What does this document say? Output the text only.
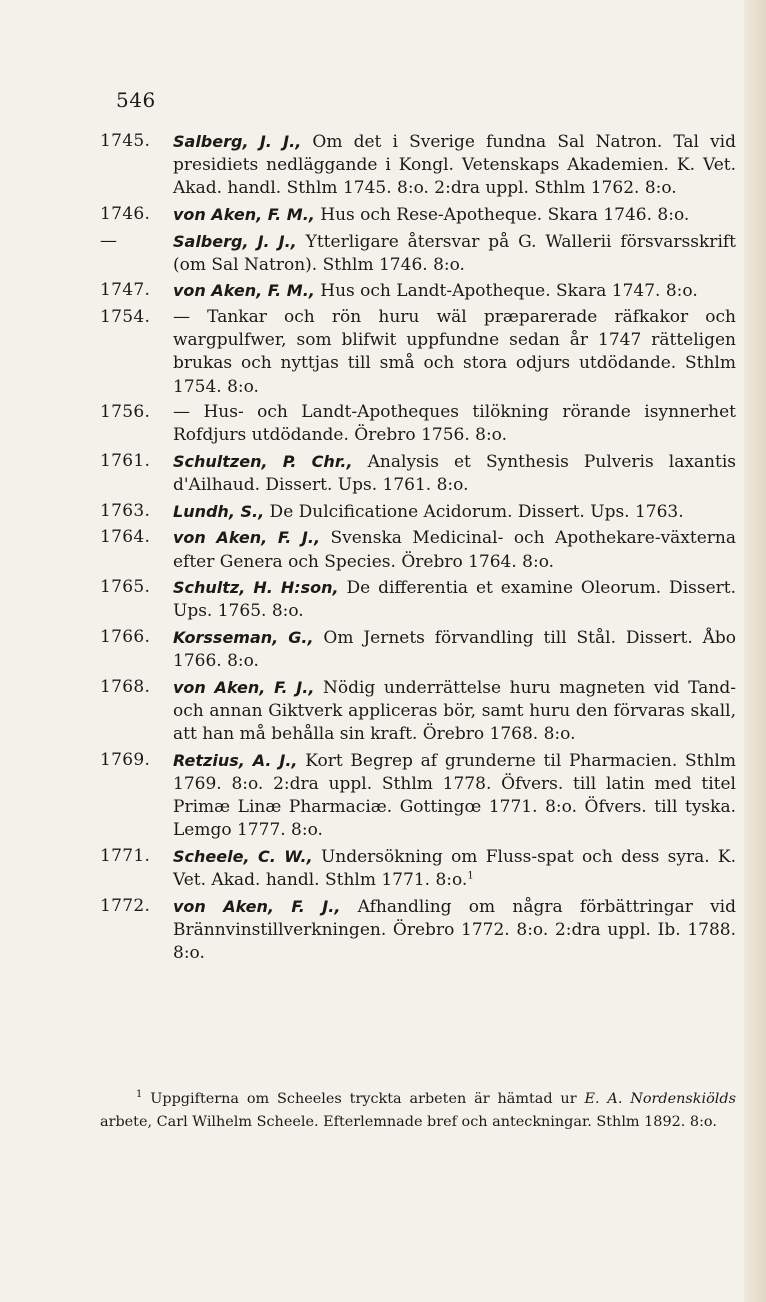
546
1745.	Salberg, J. J., Om det i Sverige fundna Sal Natron. Tal vid presidiets nedläggande i Kongl. Vetenskaps Akademien. K. Vet. Akad. handl. Sthlm 1745. 8:o. 2:dra uppl. Sthlm 1762. 8:o.
1746.	von Aken, F. M., Hus och Rese-Apotheque. Skara 1746. 8:o.
—	Salberg, J. J., Ytterligare återsvar på G. Wallerii försvarsskrift (om Sal Natron). Sthlm 1746. 8:o.
1747.	von Aken, F. M., Hus och Landt-Apotheque. Skara 1747. 8:o.
1754.	— Tankar och rön huru wäl præparerade räfkakor och wargpulfwer, som blifwit uppfundne sedan år 1747 rätteligen brukas och nyttjas till små och stora odjurs utdödande. Sthlm 1754. 8:o.
1756.	— Hus- och Landt-Apotheques tilökning rörande isynnerhet Rofdjurs utdödande. Örebro 1756. 8:o.
1761.	Schultzen, P. Chr., Analysis et Synthesis Pulveris laxantis d'Ailhaud. Dissert. Ups. 1761. 8:o.
1763.	Lundh, S., De Dulcificatione Acidorum. Dissert. Ups. 1763.
1764.	von Aken, F. J., Svenska Medicinal- och Apothekare-växterna efter Genera och Species. Örebro 1764. 8:o.
1765.	Schultz, H. H:son, De differentia et examine Oleorum. Dissert. Ups. 1765. 8:o.
1766.	Korsseman, G., Om Jernets förvandling till Stål. Dissert. Åbo 1766. 8:o.
1768.	von Aken, F. J., Nödig underrättelse huru magneten vid Tand- och annan Giktverk appliceras bör, samt huru den förvaras skall, att han må behålla sin kraft. Örebro 1768. 8:o.
1769.	Retzius, A. J., Kort Begrep af grunderne til Pharmacien. Sthlm 1769. 8:o. 2:dra uppl. Sthlm 1778. Öfvers. till latin med titel Primæ Linæ Pharmaciæ. Gottingœ 1771. 8:o. Öfvers. till tyska. Lemgo 1777. 8:o.
1771.	Scheele, C. W., Undersökning om Fluss-spat och dess syra. K. Vet. Akad. handl. Sthlm 1771. 8:o.$^1$
1772.	von Aken, F. J., Afhandling om några förbättringar vid Brännvinstillverkningen. Örebro 1772. 8:o. 2:dra uppl. Ib. 1788. 8:o.
$^1$ Uppgifterna om Scheeles tryckta arbeten är hämtad ur E. A. Nordenskiölds arbete, Carl Wilhelm Scheele. Efterlemnade bref och anteckningar. Sthlm 1892. 8:o.
